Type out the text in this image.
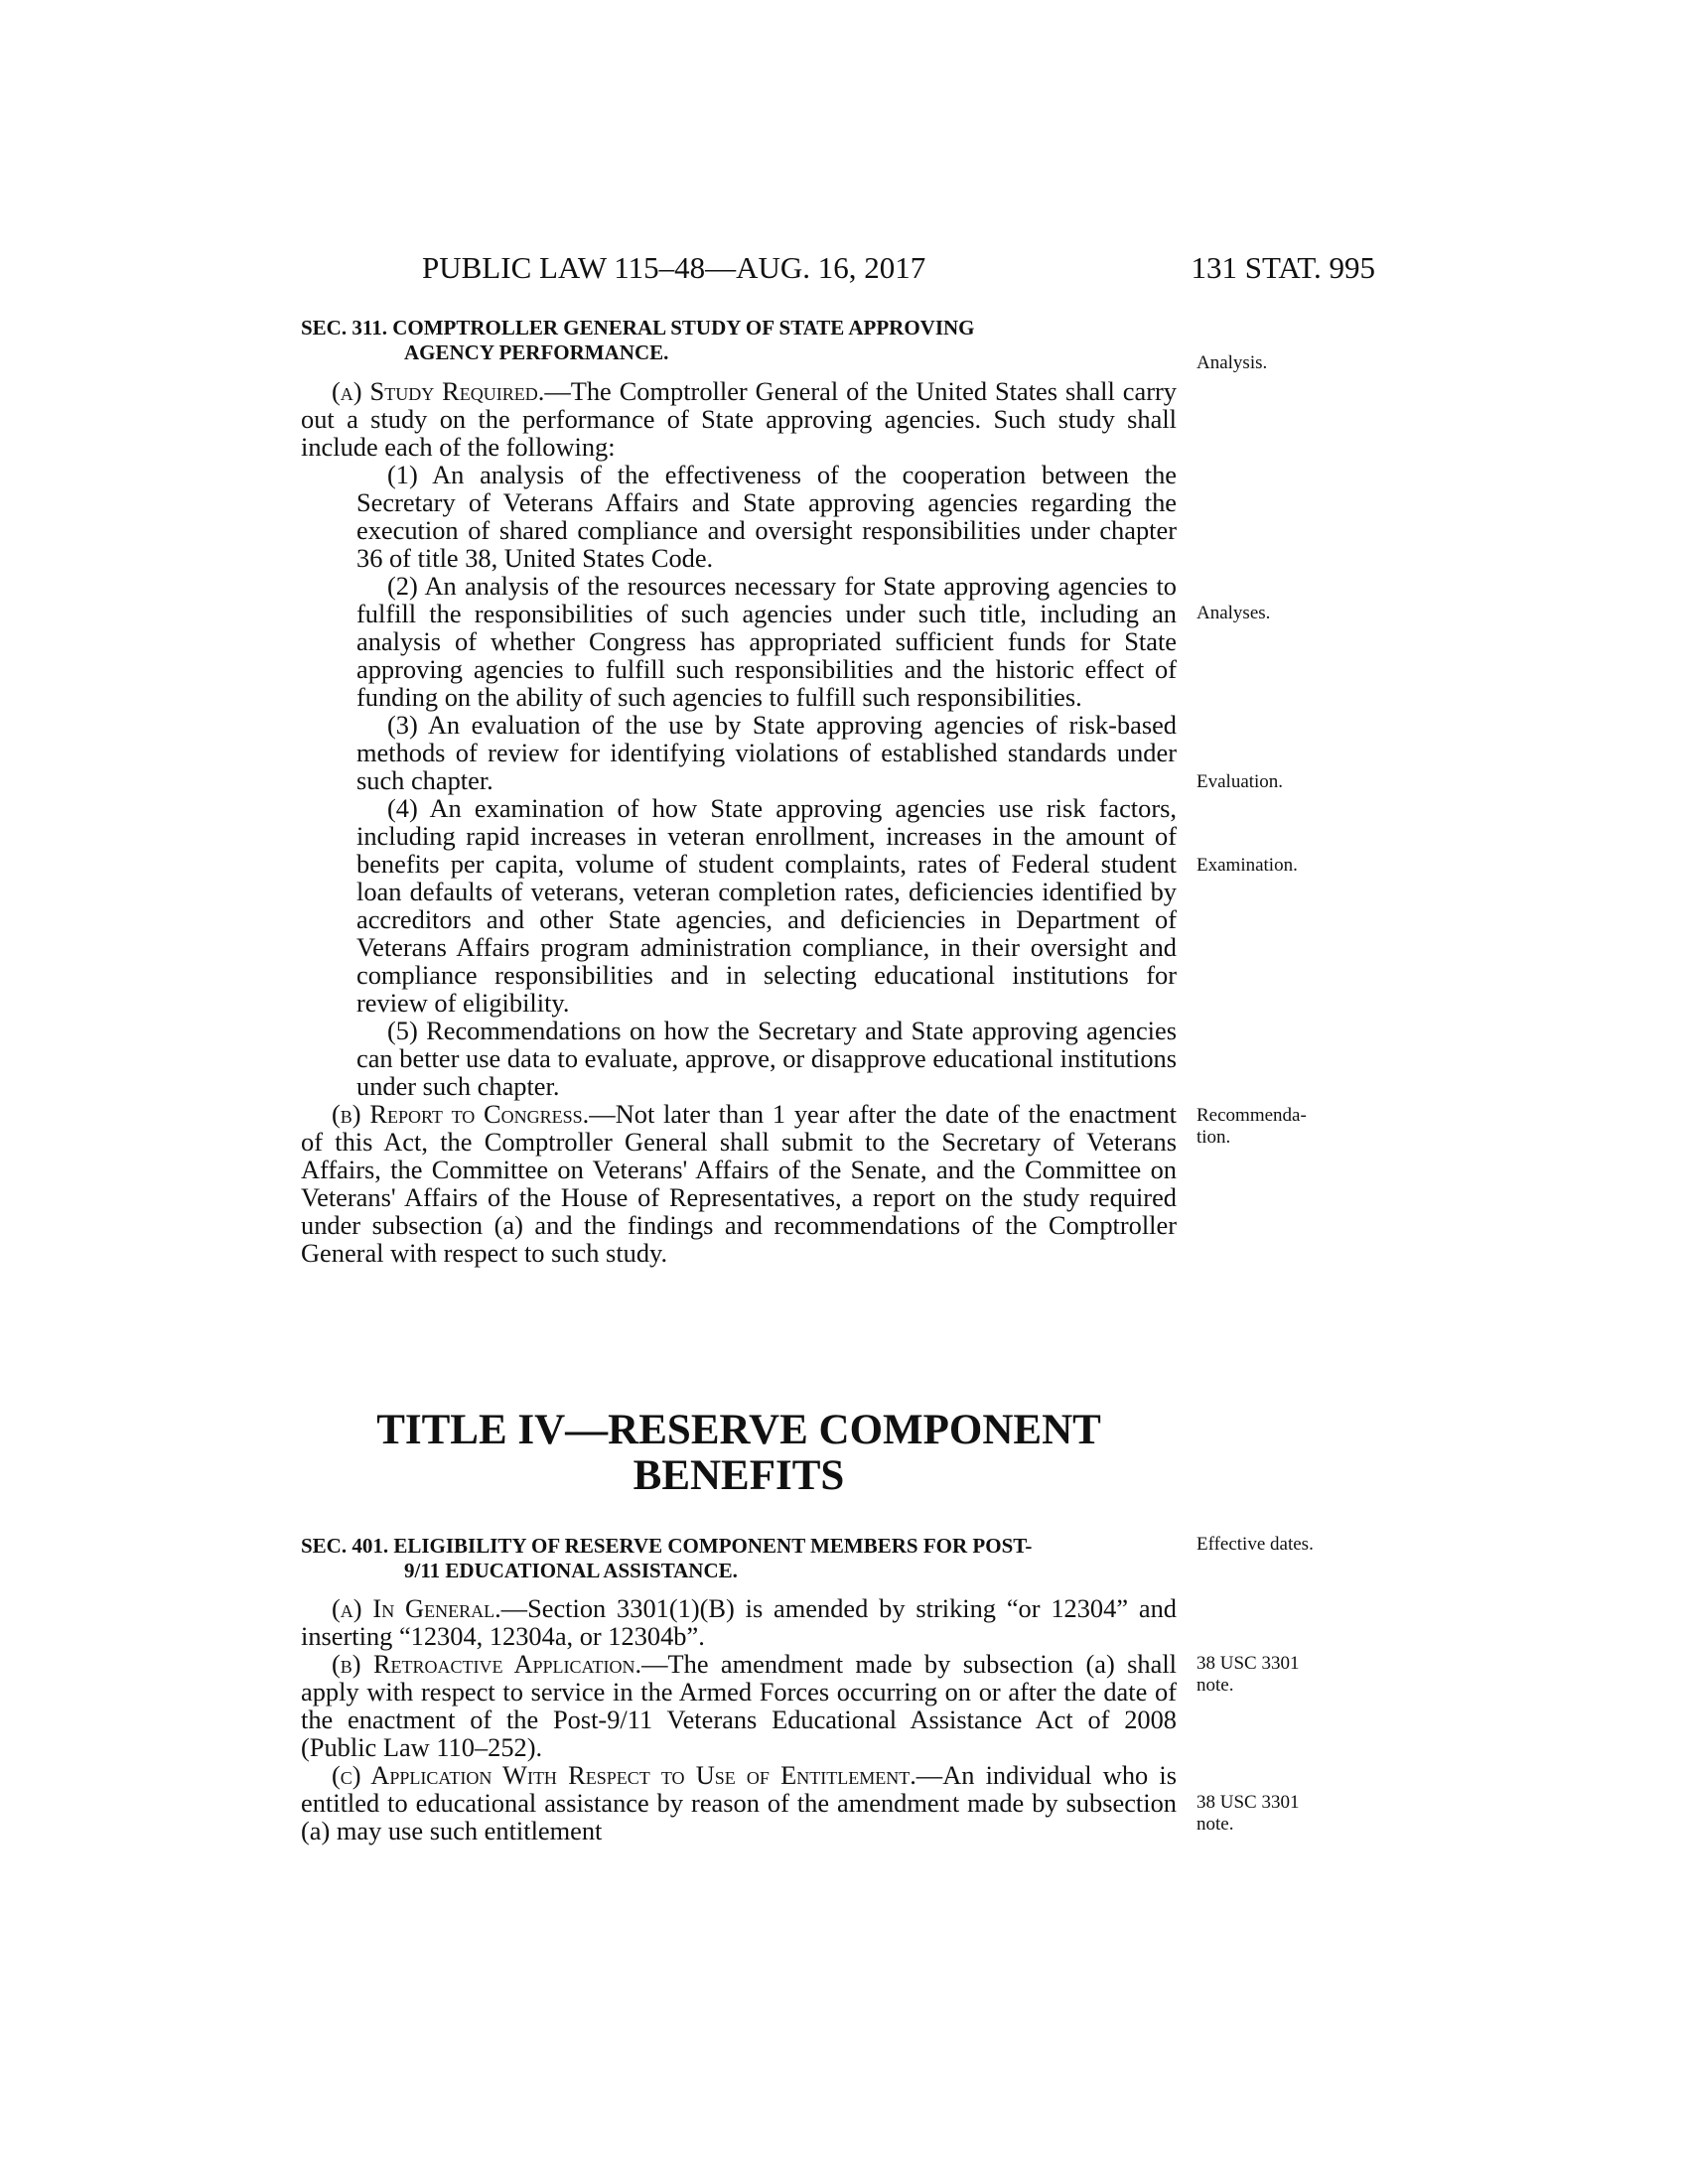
PUBLIC LAW 115–48—AUG. 16, 2017	131 STAT. 995
SEC. 311. COMPTROLLER GENERAL STUDY OF STATE APPROVING
AGENCY PERFORMANCE.

(a) Study Required.—The Comptroller General of the United States shall carry out a study on the performance of State approving agencies. Such study shall include each of the following:

(1) An analysis of the effectiveness of the cooperation between the Secretary of Veterans Affairs and State approving agencies regarding the execution of shared compliance and oversight responsibilities under chapter 36 of title 38, United States Code.

(2) An analysis of the resources necessary for State approving agencies to fulfill the responsibilities of such agencies under such title, including an analysis of whether Congress has appropriated sufficient funds for State approving agencies to fulfill such responsibilities and the historic effect of funding on the ability of such agencies to fulfill such responsibilities.

(3) An evaluation of the use by State approving agencies of risk-based methods of review for identifying violations of established standards under such chapter.

(4) An examination of how State approving agencies use risk factors, including rapid increases in veteran enrollment, increases in the amount of benefits per capita, volume of student complaints, rates of Federal student loan defaults of veterans, veteran completion rates, deficiencies identified by accreditors and other State agencies, and deficiencies in Department of Veterans Affairs program administration compliance, in their oversight and compliance responsibilities and in selecting educational institutions for review of eligibility.

(5) Recommendations on how the Secretary and State approving agencies can better use data to evaluate, approve, or disapprove educational institutions under such chapter.

(b) Report to Congress.—Not later than 1 year after the date of the enactment of this Act, the Comptroller General shall submit to the Secretary of Veterans Affairs, the Committee on Veterans' Affairs of the Senate, and the Committee on Veterans' Affairs of the House of Representatives, a report on the study required under subsection (a) and the findings and recommendations of the Comptroller General with respect to such study.

TITLE IV—RESERVE COMPONENT
BENEFITS
SEC. 401. ELIGIBILITY OF RESERVE COMPONENT MEMBERS FOR POST-
9/11 EDUCATIONAL ASSISTANCE.

(a) In General.—Section 3301(1)(B) is amended by striking “or 12304” and inserting “12304, 12304a, or 12304b”.

(b) Retroactive Application.—The amendment made by subsection (a) shall apply with respect to service in the Armed Forces occurring on or after the date of the enactment of the Post-9/11 Veterans Educational Assistance Act of 2008 (Public Law 110–252).

(c) Application With Respect to Use of Entitlement.—An individual who is entitled to educational assistance by reason of the amendment made by subsection (a) may use such entitlement

Analysis.
Analyses.
Evaluation.
Examination.
Recommenda-
tion.
Effective dates.
38 USC 3301
note.
38 USC 3301
note.
